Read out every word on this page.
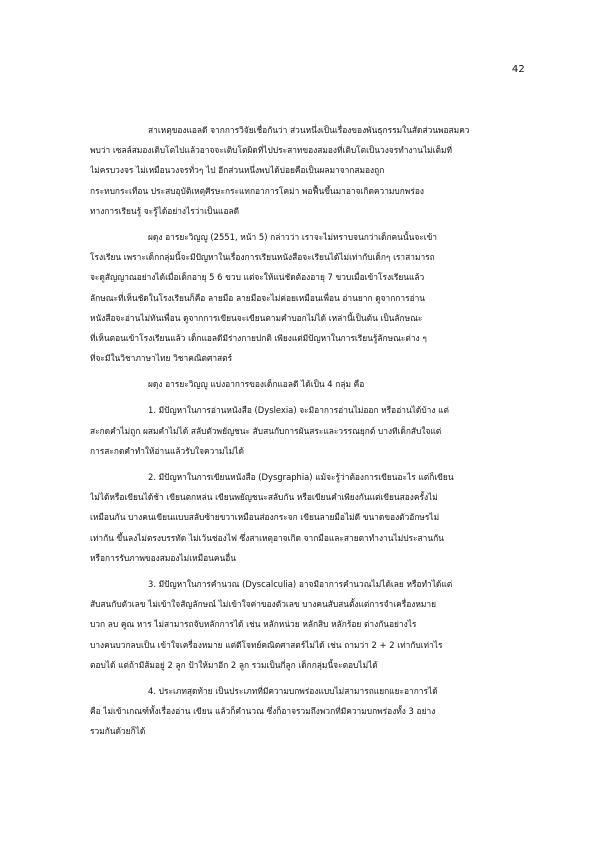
42
สาเหตุของแอลดี จากการวิจัยเชื่อกันว่า ส่วนหนึ่งเป็นเรื่องของพันธุกรรมในสัดส่วนพอสมคว
พบว่า เซลล์สมองเติบโตไปแล้วอาจจะเติบโตผิดที่ไปประสาทของสมองที่เติบโตเป็นวงจรทำงานไม่เต็มที่
ไม่ครบวงจร ไม่เหมือนวงจรทั่วๆ ไป อีกส่วนหนึ่งพบได้บ่อยคือเป็นผลมาจากสมองถูก
กระทบกระเทือน ประสบอุบัติเหตุศีรษะกระแทกอาการโคม่า พอฟื้นขึ้นมาอาจเกิดความบกพร่อง
ทางการเรียนรู้ จะรู้ได้อย่างไรว่าเป็นแอลดี
ผดุง อารยะวิญญู (2551, หน้า 5) กล่าวว่า เราจะไม่ทราบจนกว่าเด็กคนนั้นจะเข้า
โรงเรียน เพราะเด็กกลุ่มนี้จะมีปัญหาในเรื่องการเรียนหนังสือจะเรียนได้ไม่เท่ากับเด็กๆ เราสามารถ
จะดูสัญญาณอย่างได้เมื่อเด็กอายุ 5 6 ขวบ แต่จะให้แน่ชัดต้องอายุ 7 ขวบเมื่อเข้าโรงเรียนแล้ว
ลักษณะที่เห็นชัดในโรงเรียนก็คือ ลายมือ ลายมือจะไม่ค่อยเหมือนเพื่อน อ่านยาก ดูจากการอ่าน
หนังสือจะอ่านไม่ทันเพื่อน ดูจากการเขียนจะเขียนตามคำบอกไม่ได้ เหล่านี้เป็นต้น เป็นลักษณะ
ที่เห็นตอนเข้าโรงเรียนแล้ว เด็กแอลดีมีร่างกายปกติ เพียงแต่มีปัญหาในการเรียนรู้ลักษณะต่าง ๆ
ที่จะมีในวิชาภาษาไทย วิชาคณิตศาสตร์
ผดุง อารยะวิญญู แบ่งอาการของเด็กแอลดี ได้เป็น 4 กลุ่ม คือ
1. มีปัญหาในการอ่านหนังสือ (Dyslexia) จะมีอาการอ่านไม่ออก หรืออ่านได้บ้าง แต่
สะกดคำไม่ถูก ผสมคำไม่ได้ สลับตัวพยัญชนะ สับสนกับการผันสระและวรรณยุกต์ บางทีเด็กสับใจแต่
การสะกดคำทำให้อ่านแล้วรับใจความไม่ได้
2. มีปัญหาในการเขียนหนังสือ (Dysgraphia) แม้จะรู้ว่าต้องการเขียนอะไร แต่ก็เขียน
ไม่ได้หรือเขียนได้ช้า เขียนตกหล่น เขียนพยัญชนะสลับกัน หรือเขียนคำเพียงกันแต่เขียนสองครั้งไม่
เหมือนกัน บางคนเขียนแบบสลับซ้ายขวาเหมือนส่องกระจก เขียนลายมือไม่ดี ขนาดของตัวอักษรไม่
เท่ากัน ขึ้นลงไม่ตรงบรรทัด ไม่เว้นช่องไฟ ซึ่งสาเหตุอาจเกิด จากมือและสายตาทำงานไม่ประสานกัน
หรือการรับภาพของสมองไม่เหมือนคนอื่น
3. มีปัญหาในการคำนวณ (Dyscalculia) อาจมีอาการคำนวณไม่ได้เลย หรือทำได้แต่
สับสนกับตัวเลข ไม่เข้าใจสัญลักษณ์ ไม่เข้าใจค่าของตัวเลข บางคนสับสนตั้งแต่การจำเครื่องหมาย
บวก ลบ คูณ หาร ไม่สามารถจับหลักการได้ เช่น หลักหน่วย หลักสิบ หลักร้อย ต่างกันอย่างไร
บางคนบวกลบเป็น เข้าใจเครื่องหมาย แต่ตีโจทย์คณิตศาสตร์ไม่ได้ เช่น ถามว่า 2 + 2 เท่ากับเท่าไร
ตอบได้ แต่ถ้ามีส้มอยู่ 2 ลูก ป้าให้มาอีก 2 ลูก รวมเป็นกี่ลูก เด็กกลุ่มนี้จะตอบไม่ได้
4. ประเภทสุดท้าย เป็นประเภทที่มีความบกพร่องแบบไม่สามารถแยกแยะอาการได้
คือ ไม่เข้าเกณฑ์ทั้งเรื่องอ่าน เขียน แล้วก็คำนวณ ซึ่งก็อาจรวมถึงพวกที่มีความบกพร่องทั้ง 3 อย่าง
รวมกันด้วยก็ได้
